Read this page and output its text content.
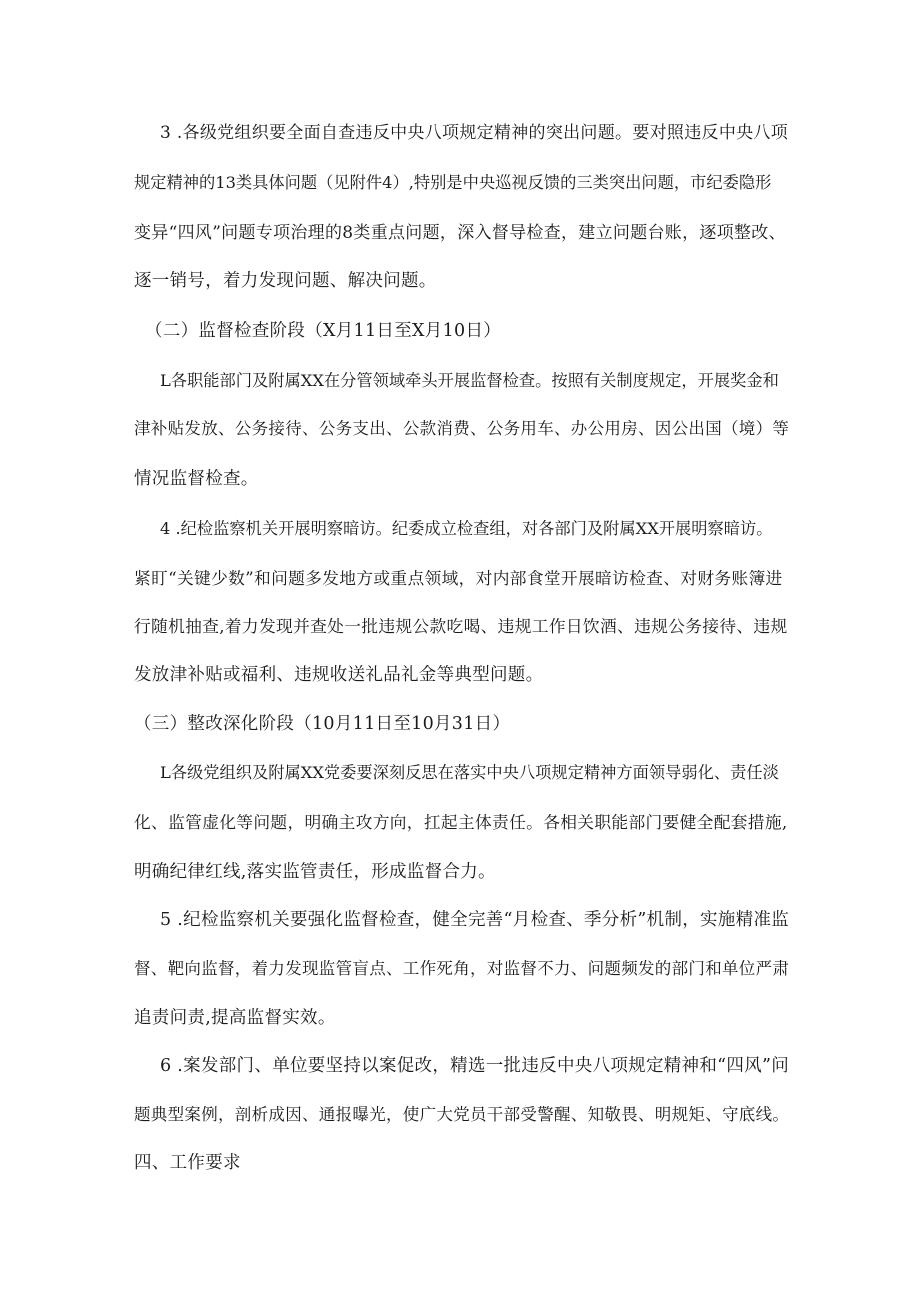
3 .各级党组织要全面自查违反中央八项规定精神的突出问题。要对照违反中央八项
规定精神的13类具体问题（见附件4）,特别是中央巡视反馈的三类突出问题，市纪委隐形
变异“四风”问题专项治理的8类重点问题，深入督导检查，建立问题台账，逐项整改、
逐一销号，着力发现问题、解决问题。
（二）监督检查阶段（X月11日至X月10日）
L各职能部门及附属XX在分管领域牵头开展监督检查。按照有关制度规定，开展奖金和
津补贴发放、公务接待、公务支出、公款消费、公务用车、办公用房、因公出国（境）等
情况监督检查。
4 .纪检监察机关开展明察暗访。纪委成立检查组，对各部门及附属XX开展明察暗访。
紧盯“关键少数”和问题多发地方或重点领域，对内部食堂开展暗访检查、对财务账簿进
行随机抽查,着力发现并查处一批违规公款吃喝、违规工作日饮酒、违规公务接待、违规
发放津补贴或福利、违规收送礼品礼金等典型问题。
（三）整改深化阶段（10月11日至10月31日）
L各级党组织及附属XX党委要深刻反思在落实中央八项规定精神方面领导弱化、责任淡
化、监管虚化等问题，明确主攻方向，扛起主体责任。各相关职能部门要健全配套措施,
明确纪律红线,落实监管责任，形成监督合力。
5 .纪检监察机关要强化监督检查，健全完善“月检查、季分析”机制，实施精准监
督、靶向监督，着力发现监管盲点、工作死角，对监督不力、问题频发的部门和单位严肃
追责问责,提高监督实效。
6 .案发部门、单位要坚持以案促改，精选一批违反中央八项规定精神和“四风”问
题典型案例，剖析成因、通报曝光，使广大党员干部受警醒、知敬畏、明规矩、守底线。
四、工作要求
